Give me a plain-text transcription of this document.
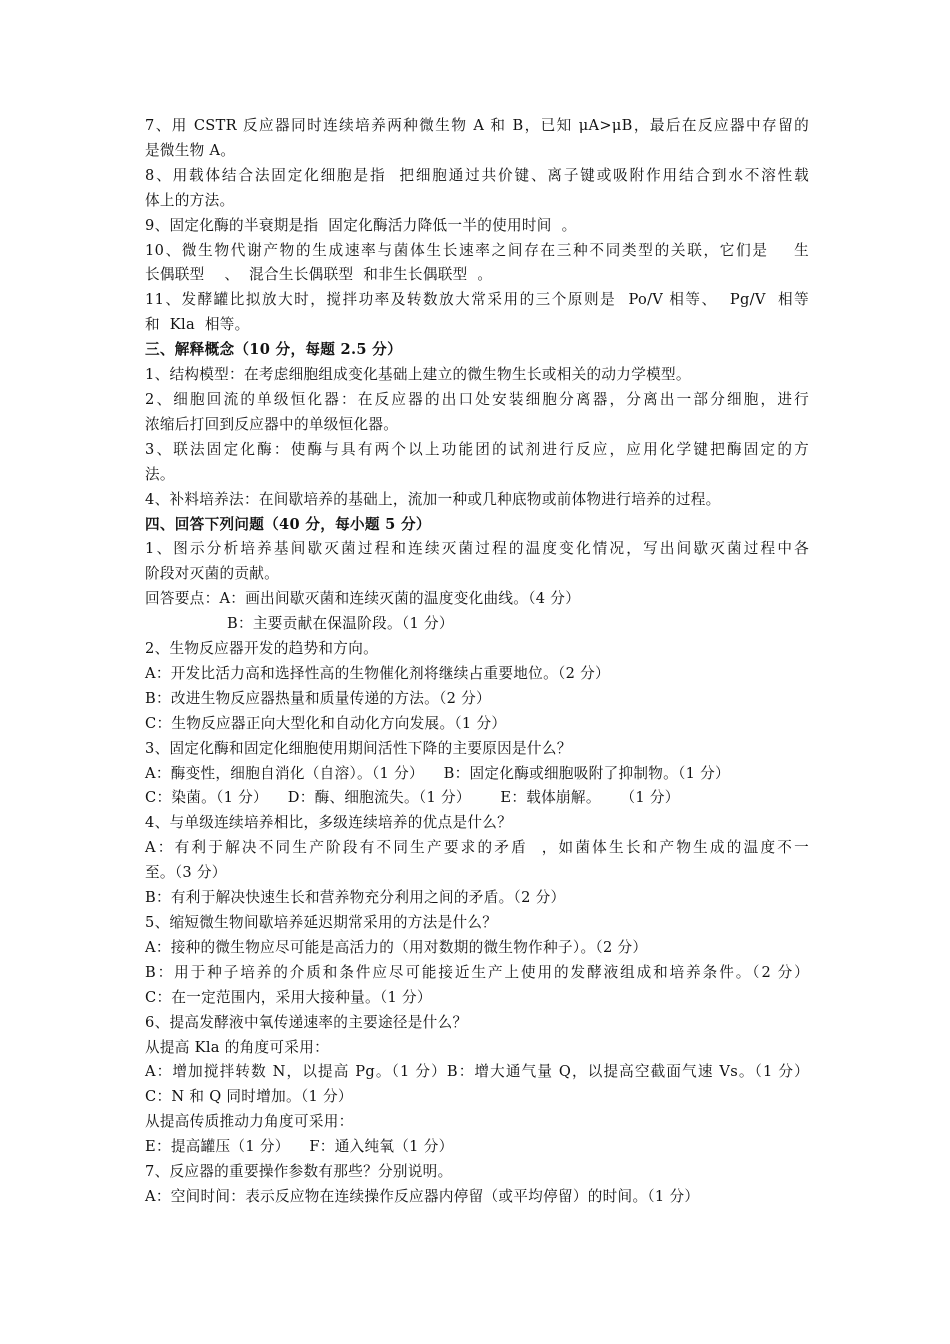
7、用 CSTR 反应器同时连续培养两种微生物 A 和 B，已知 μA>μB，最后在反应器中存留的
是微生物 A。
8、用载体结合法固定化细胞是指  把细胞通过共价键、离子键或吸附作用结合到水不溶性载
体上的方法。
9、固定化酶的半衰期是指  固定化酶活力降低一半的使用时间  。
10、微生物代谢产物的生成速率与菌体生长速率之间存在三种不同类型的关联，它们是    生
长偶联型    、  混合生长偶联型  和非生长偶联型  。
11、发酵罐比拟放大时，搅拌功率及转数放大常采用的三个原则是  Po/V 相等、  Pg/V  相等
和  Kla  相等。
三、解释概念（10 分，每题 2.5 分）
1、结构模型：在考虑细胞组成变化基础上建立的微生物生长或相关的动力学模型。
2、细胞回流的单级恒化器：在反应器的出口处安装细胞分离器，分离出一部分细胞，进行
浓缩后打回到反应器中的单级恒化器。
3、联法固定化酶：使酶与具有两个以上功能团的试剂进行反应，应用化学键把酶固定的方
法。
4、补料培养法：在间歇培养的基础上，流加一种或几种底物或前体物进行培养的过程。
四、回答下列问题（40 分，每小题 5 分）
1、图示分析培养基间歇灭菌过程和连续灭菌过程的温度变化情况，写出间歇灭菌过程中各
阶段对灭菌的贡献。
回答要点：A：画出间歇灭菌和连续灭菌的温度变化曲线。（4 分）
B：主要贡献在保温阶段。（1 分）
2、生物反应器开发的趋势和方向。
A：开发比活力高和选择性高的生物催化剂将继续占重要地位。（2 分）
B：改进生物反应器热量和质量传递的方法。（2 分）
C：生物反应器正向大型化和自动化方向发展。（1 分）
3、固定化酶和固定化细胞使用期间活性下降的主要原因是什么？
A：酶变性，细胞自消化（自溶）。（1 分）    B：固定化酶或细胞吸附了抑制物。（1 分）
C：染菌。（1 分）    D：酶、细胞流失。（1 分）      E：载体崩解。    （1 分）
4、与单级连续培养相比，多级连续培养的优点是什么？
A：有利于解决不同生产阶段有不同生产要求的矛盾  ，如菌体生长和产物生成的温度不一
至。（3 分）
B：有利于解决快速生长和营养物充分利用之间的矛盾。（2 分）
5、缩短微生物间歇培养延迟期常采用的方法是什么？
A：接种的微生物应尽可能是高活力的（用对数期的微生物作种子）。（2 分）
B：用于种子培养的介质和条件应尽可能接近生产上使用的发酵液组成和培养条件。（2 分）
C：在一定范围内，采用大接种量。（1 分）
6、提高发酵液中氧传递速率的主要途径是什么？
从提高 Kla 的角度可采用：
A：增加搅拌转数 N，以提高 Pg。（1 分）B：增大通气量 Q，以提高空截面气速 Vs。（1 分）
C：N 和 Q 同时增加。（1 分）
从提高传质推动力角度可采用：
E：提高罐压（1 分）    F：通入纯氧（1 分）
7、反应器的重要操作参数有那些？分别说明。
A：空间时间：表示反应物在连续操作反应器内停留（或平均停留）的时间。（1 分）
